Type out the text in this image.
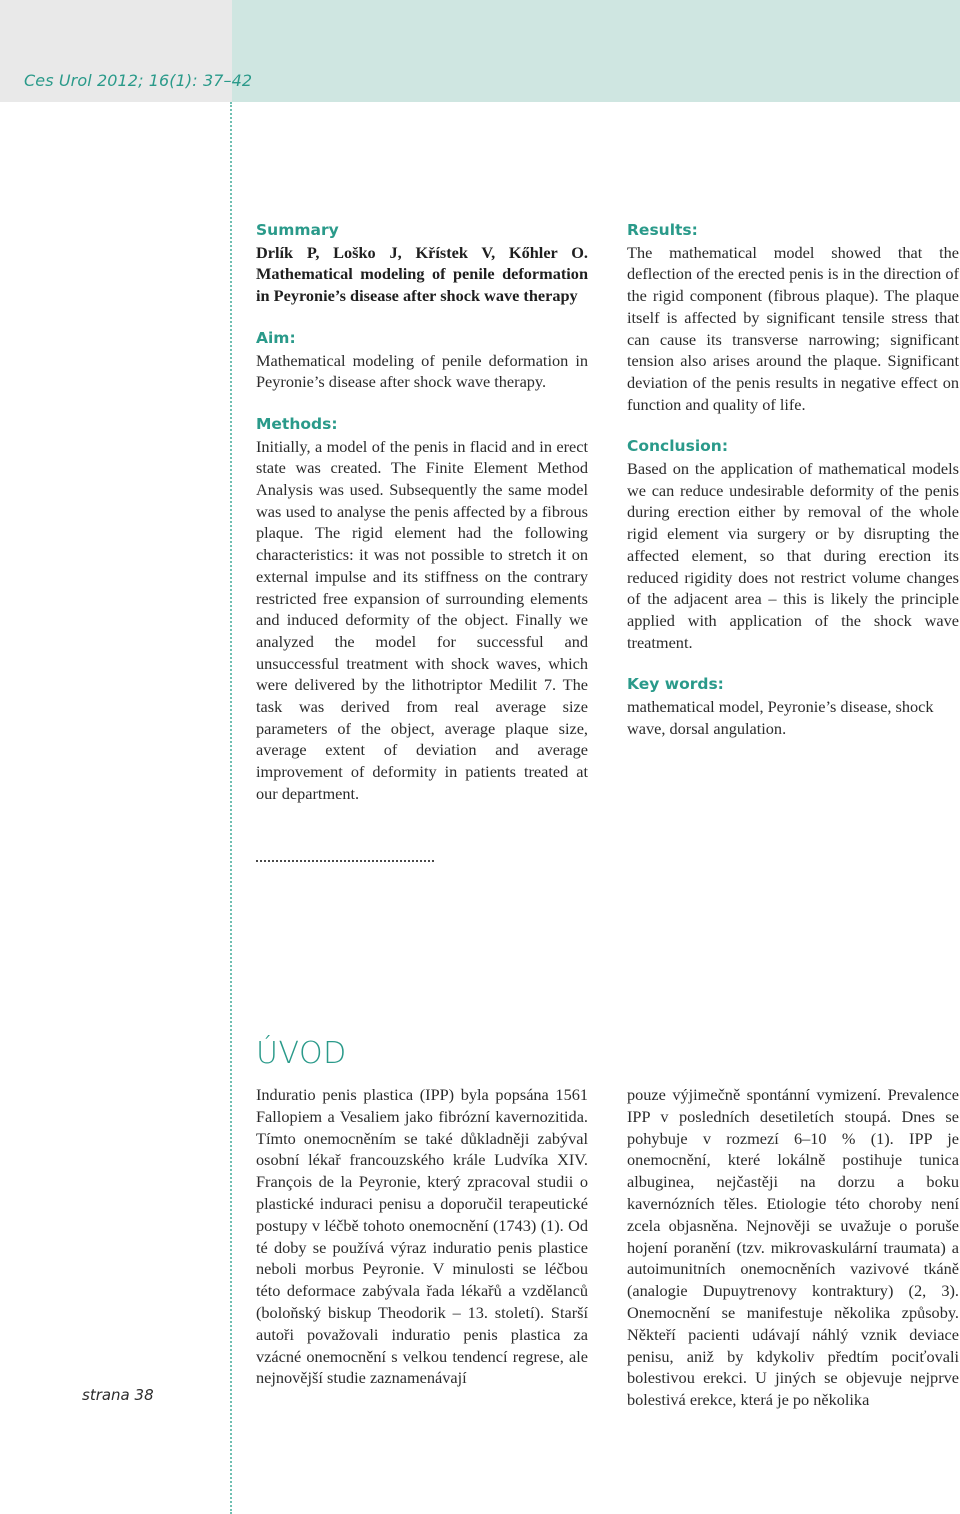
Ces Urol 2012; 16(1): 37–42
Summary

Drlík P, Loško J, Křístek V, Kőhler O. Mathematical modeling of penile deformation in Peyronie’s disease after shock wave therapy

Aim:

Mathematical modeling of penile deformation in Peyronie’s disease after shock wave therapy.

Methods:

Initially, a model of the penis in flacid and in erect state was created. The Finite Element Method Analysis was used. Subsequently the same model was used to analyse the penis affected by a fibrous plaque. The rigid element had the following characteristics: it was not possible to stretch it on external impulse and its stiffness on the contrary restricted free expansion of surrounding elements and induced deformity of the object. Finally we analyzed the model for successful and unsuccessful treatment with shock waves, which were delivered by the lithotriptor Medilit 7. The task was derived from real average size parameters of the object, average plaque size, average extent of deviation and average improvement of deformity in patients treated at our department.

Results:

The mathematical model showed that the deflection of the erected penis is in the direction of the rigid component (fibrous plaque). The plaque itself is affected by significant tensile stress that can cause its transverse narrowing; significant tension also arises around the plaque. Significant deviation of the penis results in negative effect on function and quality of life.

Conclusion:

Based on the application of mathematical models we can reduce undesirable deformity of the penis during erection either by removal of the whole rigid element via surgery or by disrupting the affected element, so that during erection its reduced rigidity does not restrict volume changes of the adjacent area – this is likely the principle applied with application of the shock wave treatment.

Key words:

mathematical model, Peyronie’s disease, shock wave, dorsal angulation.

ÚVOD

Induratio penis plastica (IPP) byla popsána 1561 Fallopiem a Vesaliem jako fibrózní kavernozitida. Tímto onemocněním se také důkladněji zabýval osobní lékař francouzského krále Ludvíka XIV. François de la Peyronie, který zpracoval studii o plastické induraci penisu a doporučil terapeutické postupy v léčbě tohoto onemocnění (1743) (1). Od té doby se používá výraz induratio penis plastice neboli morbus Peyronie. V minulosti se léčbou této deformace zabývala řada lékařů a vzdělanců (boloňský biskup Theodorik – 13. století). Starší autoři považovali induratio penis plastica za vzácné onemocnění s velkou tendencí regrese, ale nejnovější studie zaznamenávají

pouze výjimečně spontánní vymizení. Prevalence IPP v posledních desetiletích stoupá. Dnes se pohybuje v rozmezí 6–10 % (1). IPP je onemocnění, které lokálně postihuje tunica albuginea, nejčastěji na dorzu a boku kavernózních těles. Etiologie této choroby není zcela objasněna. Nejnověji se uvažuje o poruše hojení poranění (tzv. mikrovaskulární traumata) a autoimunitních onemocněních vazivové tkáně (analogie Dupuytrenovy kontraktury) (2, 3). Onemocnění se manifestuje několika způsoby. Někteří pacienti udávají náhlý vznik deviace penisu, aniž by kdykoliv předtím pociťovali bolestivou erekci. U jiných se objevuje nejprve bolestivá erekce, která je po několika

strana 38
